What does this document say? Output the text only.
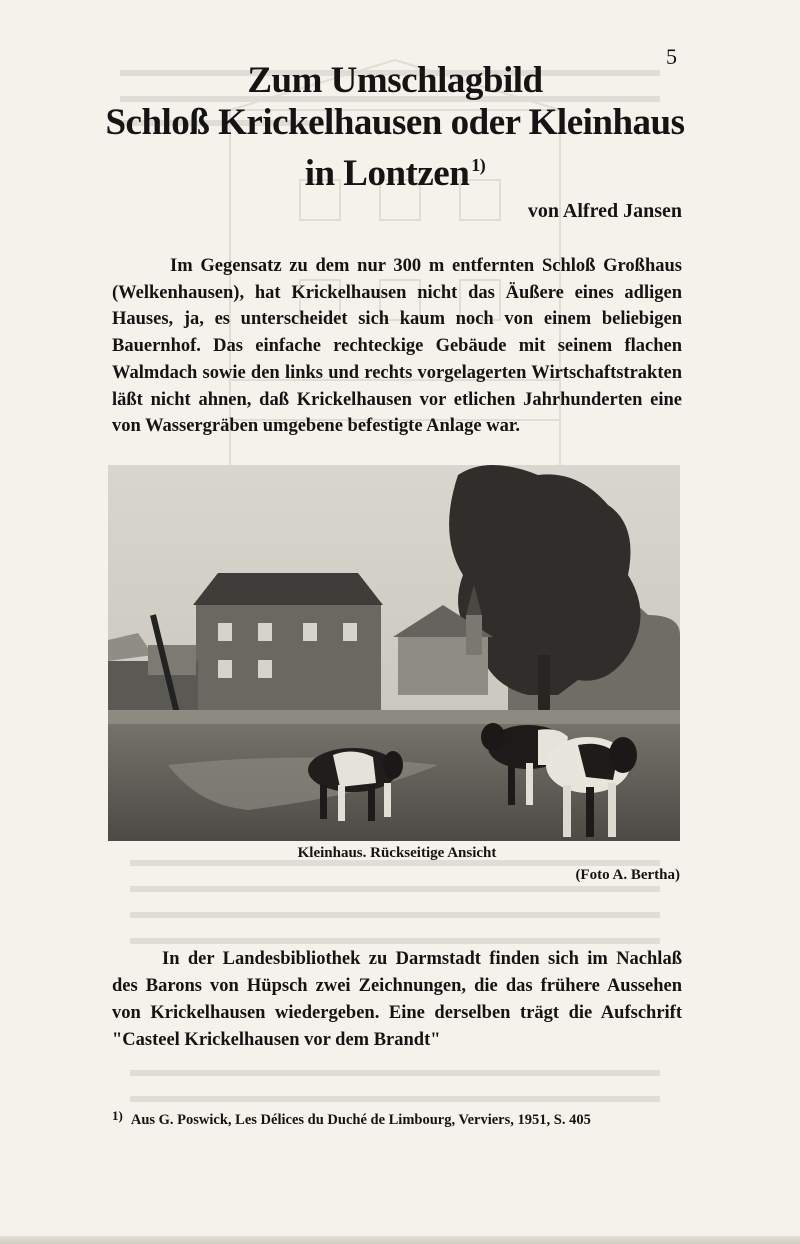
5
Zum Umschlagbild
Schloß Krickelhausen oder Kleinhaus
in Lontzen $^{1)}$
von Alfred Jansen
Im Gegensatz zu dem nur 300 m entfernten Schloß Großhaus (Welkenhausen), hat Krickelhausen nicht das Äußere eines adligen Hauses, ja, es unterscheidet sich kaum noch von einem beliebigen Bauernhof. Das einfache rechteckige Gebäude mit seinem flachen Walmdach sowie den links und rechts vorgelagerten Wirtschaftstrakten läßt nicht ahnen, daß Krickelhausen vor etlichen Jahrhunderten eine von Wassergräben umgebene befestigte Anlage war.
Kleinhaus. Rückseitige Ansicht
(Foto A. Bertha)
In der Landesbibliothek zu Darmstadt finden sich im Nachlaß des Barons von Hüpsch zwei Zeichnungen, die das frühere Aussehen von Krickelhausen wiedergeben. Eine derselben trägt die Aufschrift "Casteel Krickelhausen vor dem Brandt"
1) Aus G. Poswick, Les Délices du Duché de Limbourg, Verviers, 1951, S. 405
